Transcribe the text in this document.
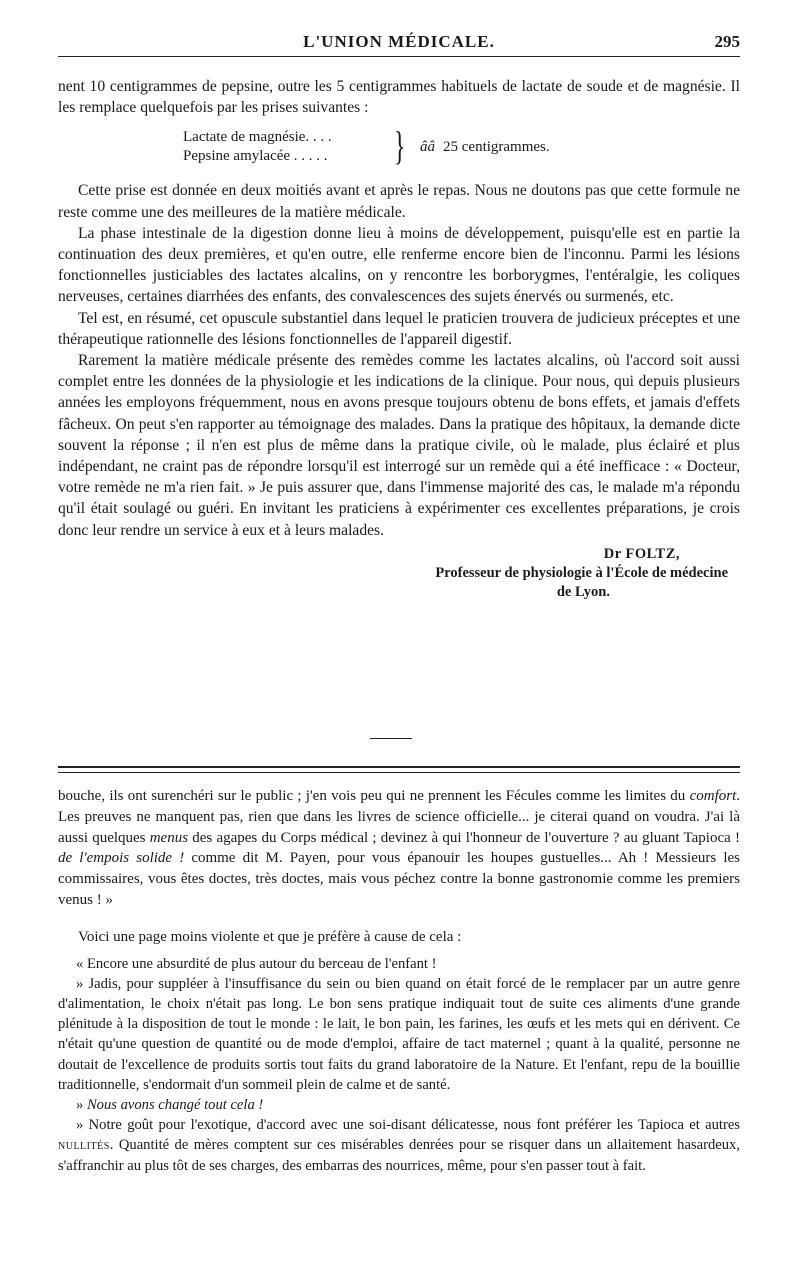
L'UNION MÉDICALE.	295

nent 10 centigrammes de pepsine, outre les 5 centigrammes habituels de lactate de soude et de magnésie. Il les remplace quelquefois par les prises suivantes :

Lactate de magnésie. . . .
Pepsine amylacée . . . . . } ââ 25 centigrammes.

Cette prise est donnée en deux moitiés avant et après le repas. Nous ne doutons pas que cette formule ne reste comme une des meilleures de la matière médicale.

La phase intestinale de la digestion donne lieu à moins de développement, puisqu'elle est en partie la continuation des deux premières, et qu'en outre, elle renferme encore bien de l'inconnu. Parmi les lésions fonctionnelles justiciables des lactates alcalins, on y rencontre les borborygmes, l'entéralgie, les coliques nerveuses, certaines diarrhées des enfants, des convalescences des sujets énervés ou surmenés, etc.

Tel est, en résumé, cet opuscule substantiel dans lequel le praticien trouvera de judicieux préceptes et une thérapeutique rationnelle des lésions fonctionnelles de l'appareil digestif.

Rarement la matière médicale présente des remèdes comme les lactates alcalins, où l'accord soit aussi complet entre les données de la physiologie et les indications de la clinique. Pour nous, qui depuis plusieurs années les employons fréquemment, nous en avons presque toujours obtenu de bons effets, et jamais d'effets fâcheux. On peut s'en rapporter au témoignage des malades. Dans la pratique des hôpitaux, la demande dicte souvent la réponse ; il n'en est plus de même dans la pratique civile, où le malade, plus éclairé et plus indépendant, ne craint pas de répondre lorsqu'il est interrogé sur un remède qui a été inefficace : « Docteur, votre remède ne m'a rien fait. » Je puis assurer que, dans l'immense majorité des cas, le malade m'a répondu qu'il était soulagé ou guéri. En invitant les praticiens à expérimenter ces excellentes préparations, je crois donc leur rendre un service à eux et à leurs malades.

Dr FOLTZ,
Professeur de physiologie à l'École de médecine
de Lyon.

bouche, ils ont surenchéri sur le public ; j'en vois peu qui ne prennent les Fécules comme les limites du comfort. Les preuves ne manquent pas, rien que dans les livres de science officielle... je citerai quand on voudra. J'ai là aussi quelques menus des agapes du Corps médical ; devinez à qui l'honneur de l'ouverture ? au gluant Tapioca ! de l'empois solide ! comme dit M. Payen, pour vous épanouir les houpes gustuelles... Ah ! Messieurs les commissaires, vous êtes doctes, très doctes, mais vous péchez contre la bonne gastronomie comme les premiers venus ! »

Voici une page moins violente et que je préfère à cause de cela :

« Encore une absurdité de plus autour du berceau de l'enfant !

» Jadis, pour suppléer à l'insuffisance du sein ou bien quand on était forcé de le remplacer par un autre genre d'alimentation, le choix n'était pas long. Le bon sens pratique indiquait tout de suite ces aliments d'une grande plénitude à la disposition de tout le monde : le lait, le bon pain, les farines, les œufs et les mets qui en dérivent. Ce n'était qu'une question de quantité ou de mode d'emploi, affaire de tact maternel ; quant à la qualité, personne ne doutait de l'excellence de produits sortis tout faits du grand laboratoire de la Nature. Et l'enfant, repu de la bouillie traditionnelle, s'endormait d'un sommeil plein de calme et de santé.

» Nous avons changé tout cela !

» Notre goût pour l'exotique, d'accord avec une soi-disant délicatesse, nous font préférer les Tapioca et autres nullités. Quantité de mères comptent sur ces misérables denrées pour se risquer dans un allaitement hasardeux, s'affranchir au plus tôt de ses charges, des embarras des nourrices, même, pour s'en passer tout à fait.
